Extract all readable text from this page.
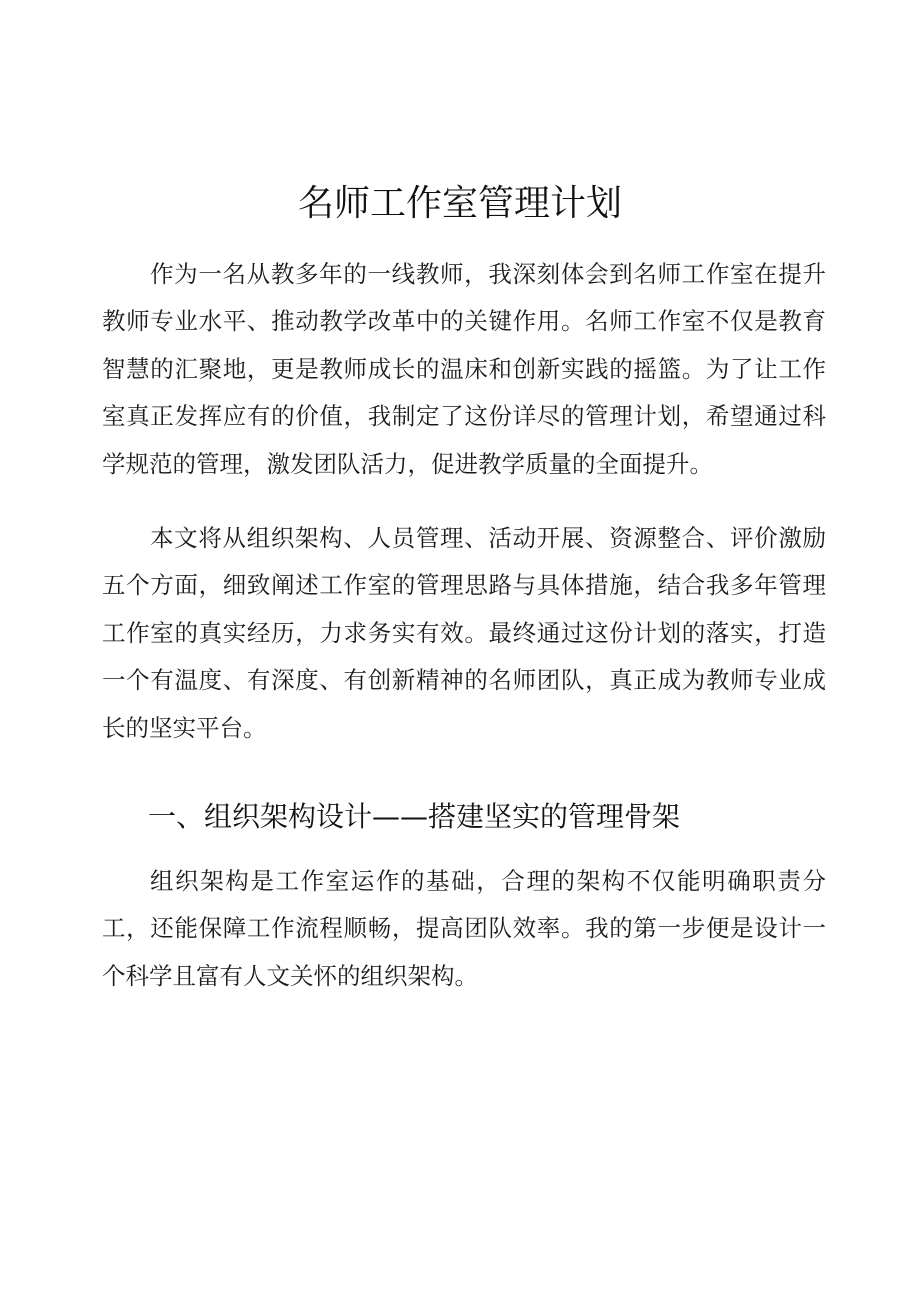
名师工作室管理计划

作为一名从教多年的一线教师，我深刻体会到名师工作室在提升教师专业水平、推动教学改革中的关键作用。名师工作室不仅是教育智慧的汇聚地，更是教师成长的温床和创新实践的摇篮。为了让工作室真正发挥应有的价值，我制定了这份详尽的管理计划，希望通过科学规范的管理，激发团队活力，促进教学质量的全面提升。

本文将从组织架构、人员管理、活动开展、资源整合、评价激励五个方面，细致阐述工作室的管理思路与具体措施，结合我多年管理工作室的真实经历，力求务实有效。最终通过这份计划的落实，打造一个有温度、有深度、有创新精神的名师团队，真正成为教师专业成长的坚实平台。

一、组织架构设计——搭建坚实的管理骨架

组织架构是工作室运作的基础，合理的架构不仅能明确职责分工，还能保障工作流程顺畅，提高团队效率。我的第一步便是设计一个科学且富有人文关怀的组织架构。
